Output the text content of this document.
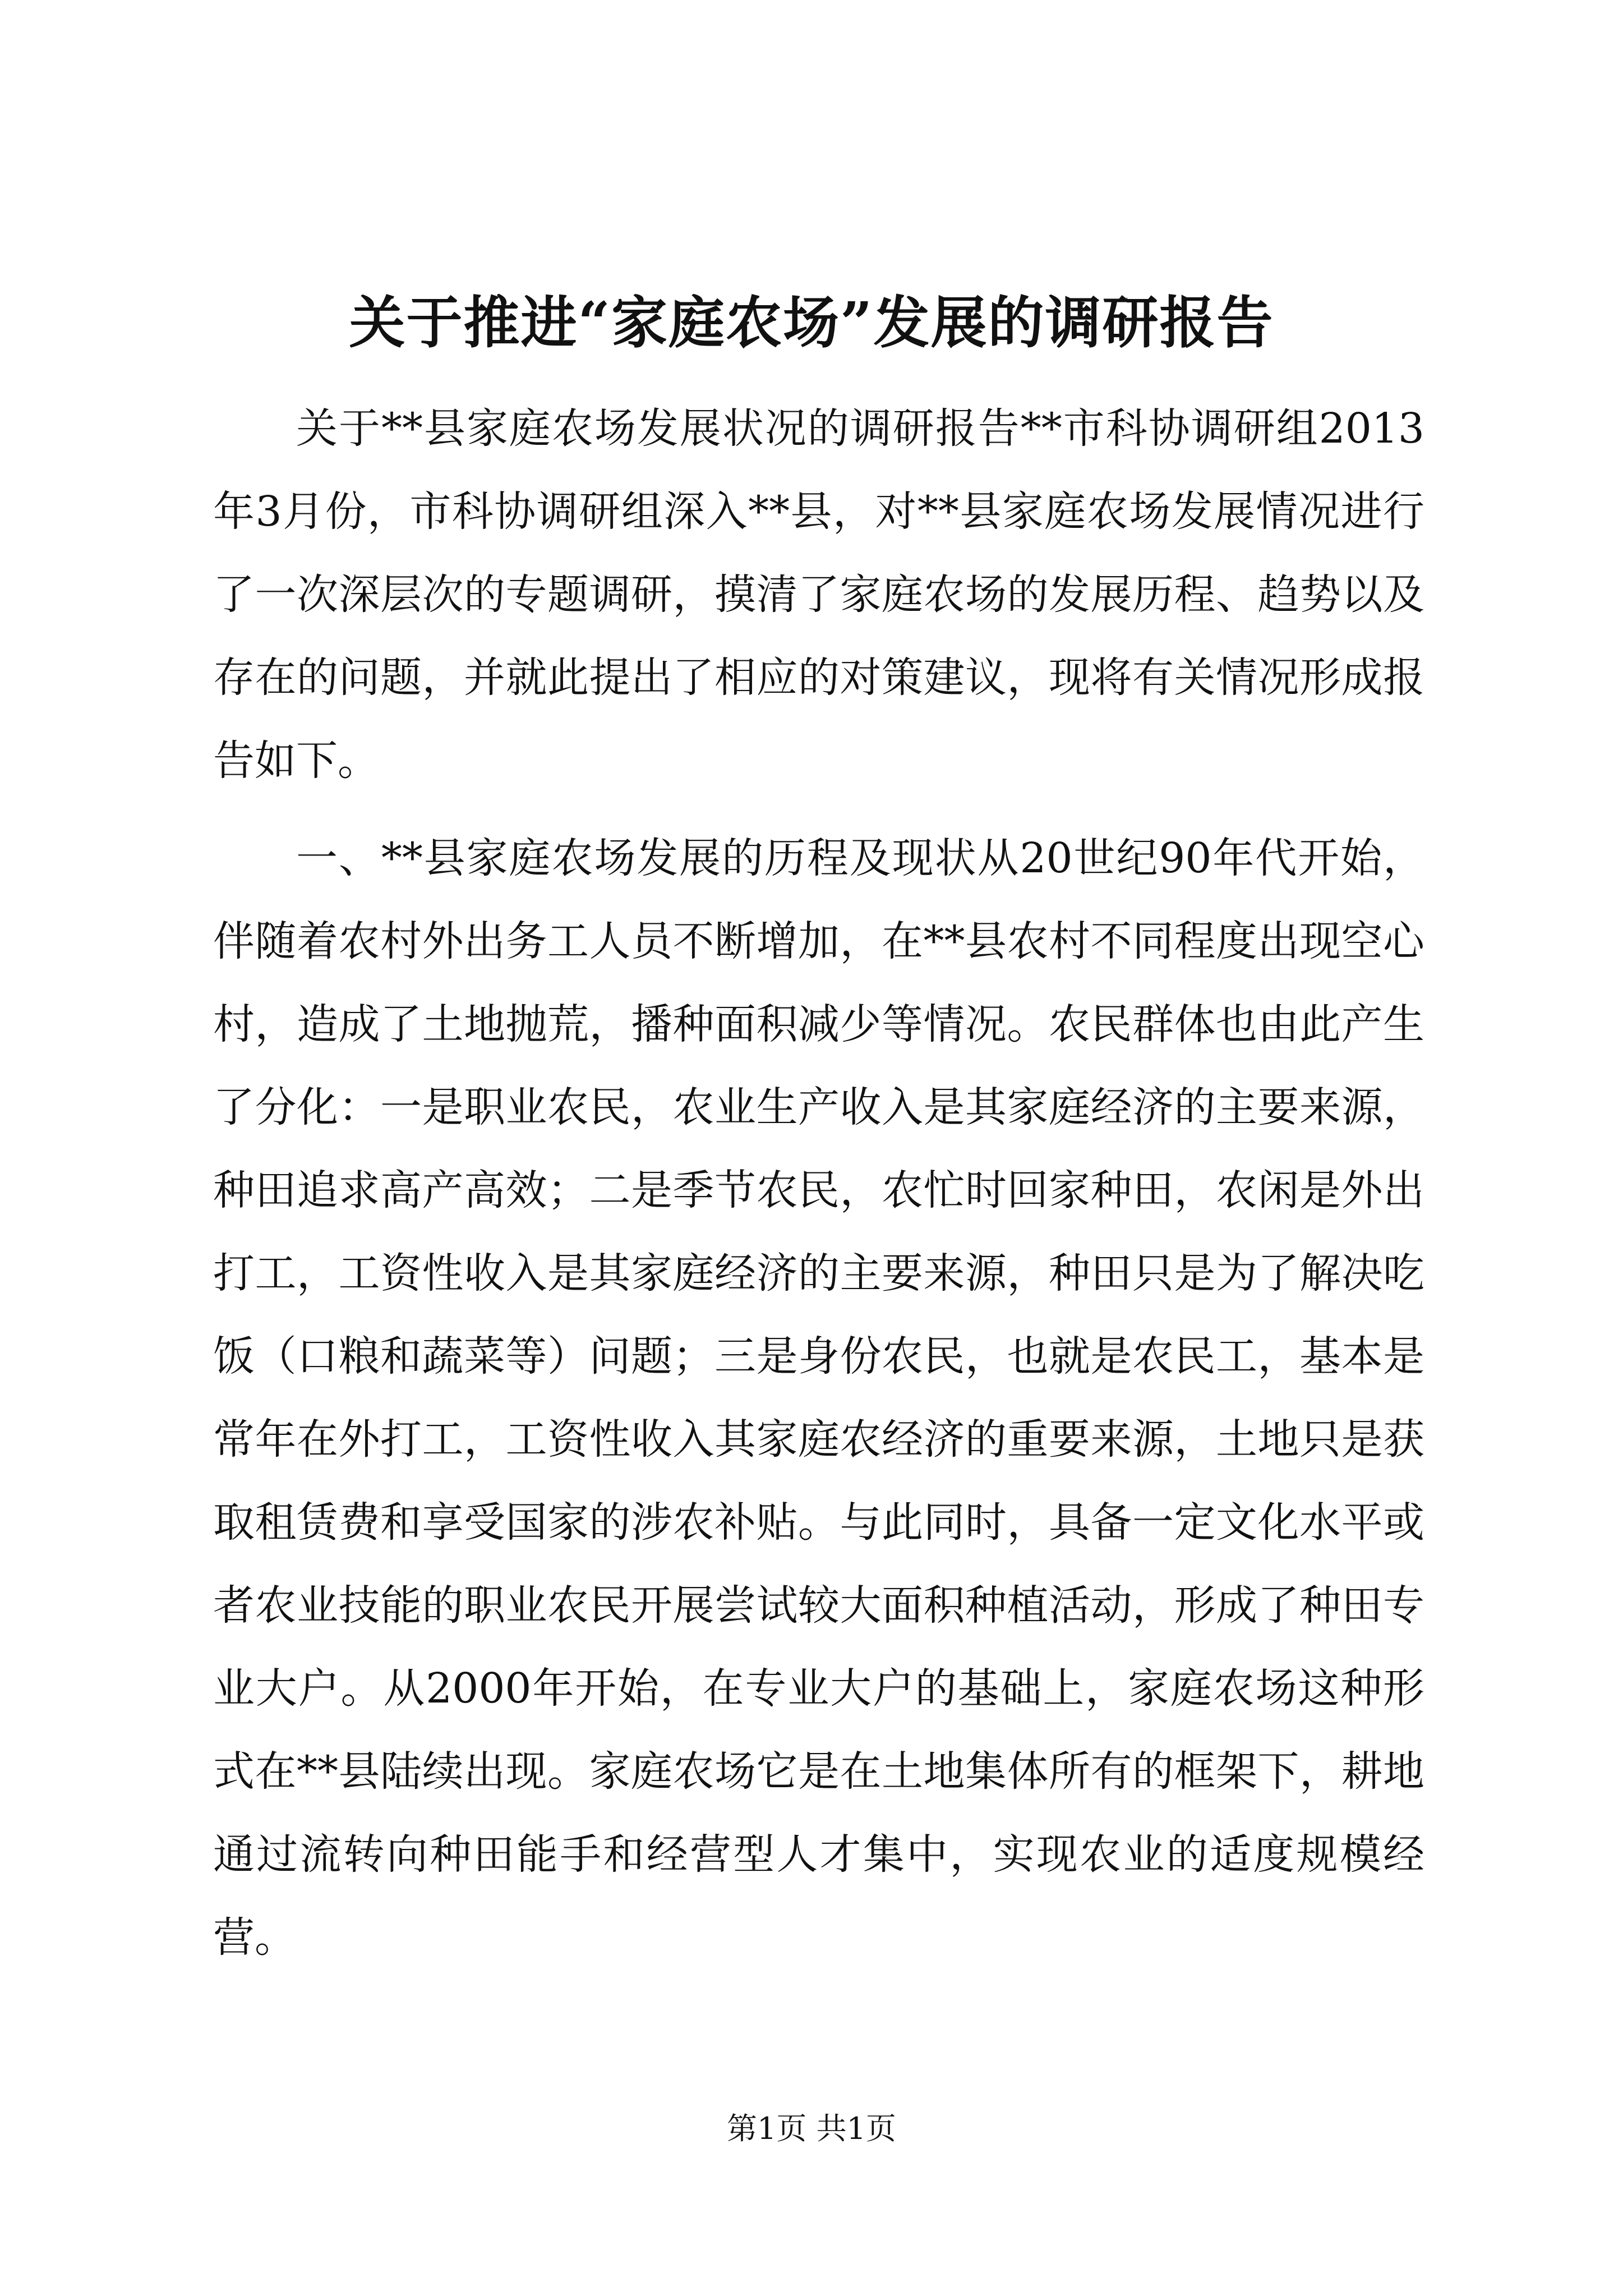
关于推进“家庭农场”发展的调研报告

关于**县家庭农场发展状况的调研报告**市科协调研组2013年3月份，市科协调研组深入**县，对**县家庭农场发展情况进行了一次深层次的专题调研，摸清了家庭农场的发展历程、趋势以及存在的问题，并就此提出了相应的对策建议，现将有关情况形成报告如下。

一、**县家庭农场发展的历程及现状从20世纪90年代开始，伴随着农村外出务工人员不断增加，在**县农村不同程度出现空心村，造成了土地抛荒，播种面积减少等情况。农民群体也由此产生了分化：一是职业农民，农业生产收入是其家庭经济的主要来源，种田追求高产高效；二是季节农民，农忙时回家种田，农闲是外出打工，工资性收入是其家庭经济的主要来源，种田只是为了解决吃饭（口粮和蔬菜等）问题；三是身份农民，也就是农民工，基本是常年在外打工，工资性收入其家庭农经济的重要来源，土地只是获取租赁费和享受国家的涉农补贴。与此同时，具备一定文化水平或者农业技能的职业农民开展尝试较大面积种植活动，形成了种田专业大户。从2000年开始，在专业大户的基础上，家庭农场这种形式在**县陆续出现。家庭农场它是在土地集体所有的框架下，耕地通过流转向种田能手和经营型人才集中，实现农业的适度规模经营。

第1页 共1页
